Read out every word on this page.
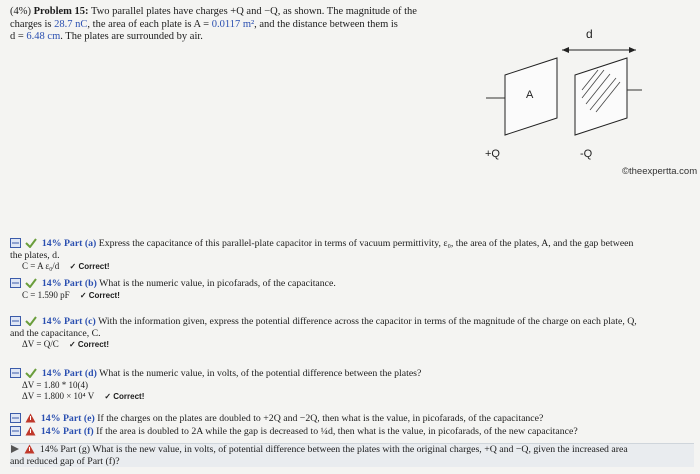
(4%) Problem 15: Two parallel plates have charges +Q and −Q, as shown. The magnitude of the
charges is 28.7 nC, the area of each plate is A = 0.0117 m², and the distance between them is
d = 6.48 cm. The plates are surrounded by air.	d
A
+Q	-Q
©theexpertta.com
14% Part (a) Express the capacitance of this parallel-plate capacitor in terms of vacuum permittivity, ε₀, the area of the plates, A, and the gap between
the plates, d.
C = A ε₀/d ✓ Correct!
14% Part (b) What is the numeric value, in picofarads, of the capacitance.
C = 1.590 pF ✓ Correct!
14% Part (c) With the information given, express the potential difference across the capacitor in terms of the magnitude of the charge on each plate, Q,
and the capacitance, C.
ΔV = Q/C ✓ Correct!
14% Part (d) What is the numeric value, in volts, of the potential difference between the plates?
ΔV = 1.80 * 10(4)
ΔV = 1.800 × 10⁴ V ✓ Correct!
14% Part (e) If the charges on the plates are doubled to +2Q and −2Q, then what is the value, in picofarads, of the capacitance?
14% Part (f) If the area is doubled to 2A while the gap is decreased to ¼d, then what is the value, in picofarads, of the new capacitance?
14% Part (g) What is the new value, in volts, of potential difference between the plates with the original charges, +Q and −Q, given the increased area
and reduced gap of Part (f)?
